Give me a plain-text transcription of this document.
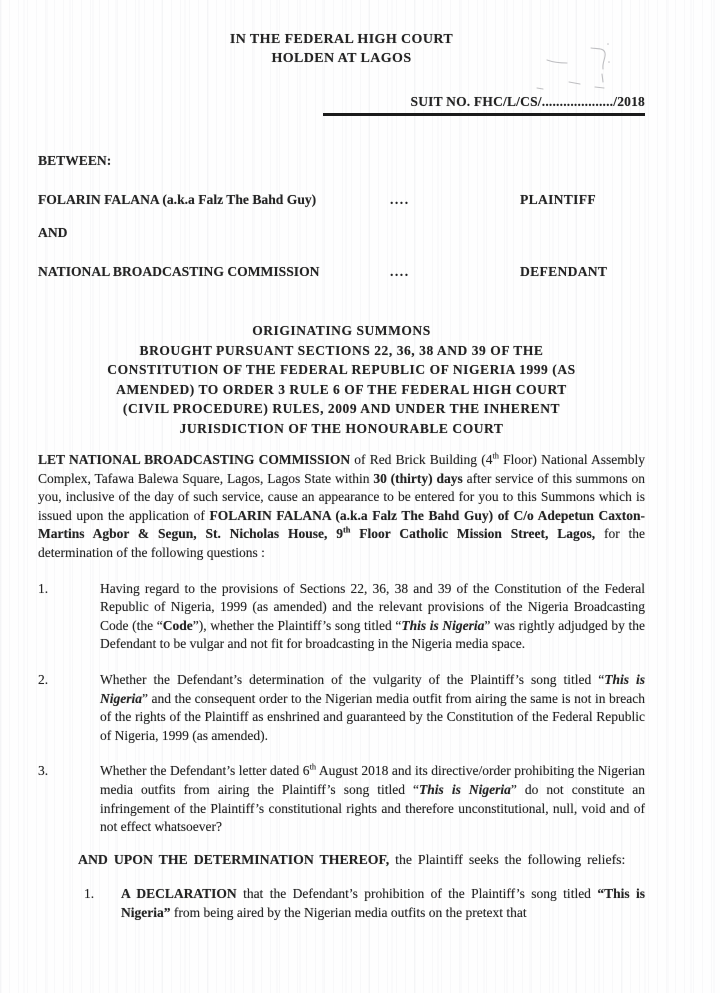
IN THE FEDERAL HIGH COURT
HOLDEN AT LAGOS
SUIT NO. FHC/L/CS/..................../2018
BETWEEN:
FOLARIN FALANA (a.k.a Falz The Bahd Guy)	....	PLAINTIFF
AND
NATIONAL BROADCASTING COMMISSION	....	DEFENDANT
ORIGINATING SUMMONS
BROUGHT PURSUANT SECTIONS 22, 36, 38 AND 39 OF THE
CONSTITUTION OF THE FEDERAL REPUBLIC OF NIGERIA 1999 (AS
AMENDED) TO ORDER 3 RULE 6 OF THE FEDERAL HIGH COURT
(CIVIL PROCEDURE) RULES, 2009 AND UNDER THE INHERENT
JURISDICTION OF THE HONOURABLE COURT

LET NATIONAL BROADCASTING COMMISSION of Red Brick Building (4th Floor) National Assembly Complex, Tafawa Balewa Square, Lagos, Lagos State within 30 (thirty) days after service of this summons on you, inclusive of the day of such service, cause an appearance to be entered for you to this Summons which is issued upon the application of FOLARIN FALANA (a.k.a Falz The Bahd Guy) of C/o Adepetun Caxton-Martins Agbor & Segun, St. Nicholas House, 9th Floor Catholic Mission Street, Lagos, for the determination of the following questions :

1.	Having regard to the provisions of Sections 22, 36, 38 and 39 of the Constitution of the Federal Republic of Nigeria, 1999 (as amended) and the relevant provisions of the Nigeria Broadcasting Code (the “Code”), whether the Plaintiff’s song titled “This is Nigeria” was rightly adjudged by the Defendant to be vulgar and not fit for broadcasting in the Nigeria media space.
2.	Whether the Defendant’s determination of the vulgarity of the Plaintiff’s song titled “This is Nigeria” and the consequent order to the Nigerian media outfit from airing the same is not in breach of the rights of the Plaintiff as enshrined and guaranteed by the Constitution of the Federal Republic of Nigeria, 1999 (as amended).
3.	Whether the Defendant’s letter dated 6th August 2018 and its directive/order prohibiting the Nigerian media outfits from airing the Plaintiff’s song titled “This is Nigeria” do not constitute an infringement of the Plaintiff’s constitutional rights and therefore unconstitutional, null, void and of not effect whatsoever?

AND UPON THE DETERMINATION THEREOF, the Plaintiff seeks the following reliefs:

1.	A DECLARATION that the Defendant’s prohibition of the Plaintiff’s song titled “This is Nigeria” from being aired by the Nigerian media outfits on the pretext that
